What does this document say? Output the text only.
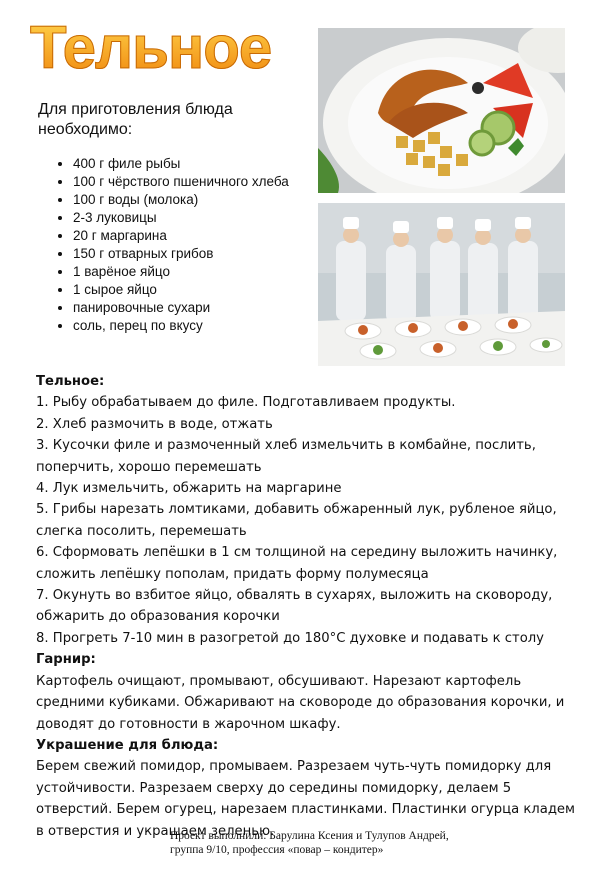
Тельное
Для приготовления блюда необходимо:
• 400 г филе рыбы
• 100 г чёрствого пшеничного хлеба
• 100 г воды (молока)
• 2-3 луковицы
• 20 г маргарина
• 150 г отварных грибов
• 1 варёное яйцо
• 1 сырое яйцо
• панировочные сухари
• соль, перец по вкусу

Тельное:

1. Рыбу обрабатываем до филе. Подготавливаем продукты.

2. Хлеб размочить в воде, отжать

3. Кусочки филе и размоченный хлеб измельчить в комбайне, послить, поперчить, хорошо перемешать

4. Лук измельчить, обжарить на маргарине

5. Грибы нарезать ломтиками, добавить обжаренный лук, рубленое яйцо, слегка посолить, перемешать

6. Сформовать лепёшки в 1 см толщиной на середину выложить начинку, сложить лепёшку пополам, придать форму полумесяца

7. Окунуть во взбитое яйцо, обвалять в сухарях, выложить на сковороду, обжарить до образования корочки

8. Прогреть 7-10 мин в разогретой до 180°С духовке и подавать к столу

Гарнир:

Картофель очищают, промывают, обсушивают. Нарезают картофель средними кубиками. Обжаривают на сковороде до образования корочки, и доводят до готовности в жарочном шкафу.

Украшение для блюда:

Берем свежий помидор, промываем. Разрезаем чуть-чуть помидорку для устойчивости. Разрезаем сверху до середины помидорку, делаем 5 отверстий. Берем огурец, нарезаем пластинками. Пластинки огурца кладем в отверстия и украшаем зеленью.

Проект выполнили: Барулина Ксения и Тулупов Андрей,

группа 9/10, профессия «повар – кондитер»
